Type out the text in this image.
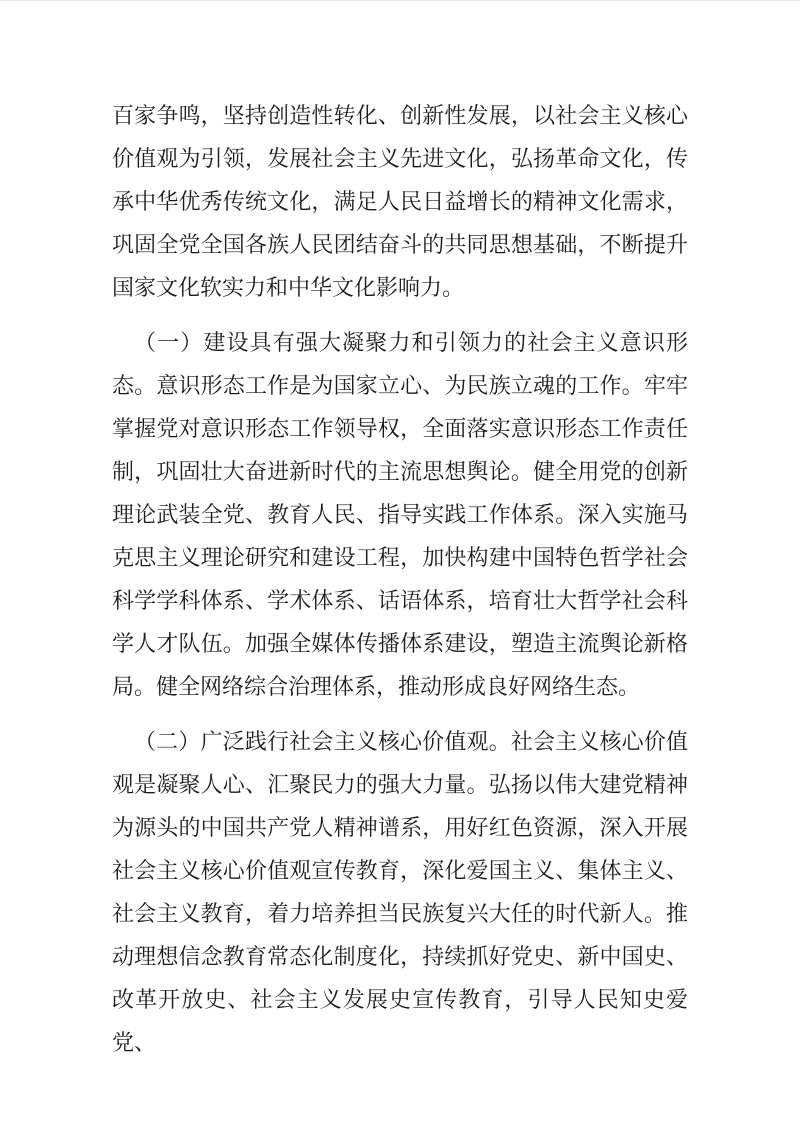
百家争鸣，坚持创造性转化、创新性发展，以社会主义核心价值观为引领，发展社会主义先进文化，弘扬革命文化，传承中华优秀传统文化，满足人民日益增长的精神文化需求，巩固全党全国各族人民团结奋斗的共同思想基础，不断提升国家文化软实力和中华文化影响力。

（一）建设具有强大凝聚力和引领力的社会主义意识形态。意识形态工作是为国家立心、为民族立魂的工作。牢牢掌握党对意识形态工作领导权，全面落实意识形态工作责任制，巩固壮大奋进新时代的主流思想舆论。健全用党的创新理论武装全党、教育人民、指导实践工作体系。深入实施马克思主义理论研究和建设工程，加快构建中国特色哲学社会科学学科体系、学术体系、话语体系，培育壮大哲学社会科学人才队伍。加强全媒体传播体系建设，塑造主流舆论新格局。健全网络综合治理体系，推动形成良好网络生态。

（二）广泛践行社会主义核心价值观。社会主义核心价值观是凝聚人心、汇聚民力的强大力量。弘扬以伟大建党精神为源头的中国共产党人精神谱系，用好红色资源，深入开展社会主义核心价值观宣传教育，深化爱国主义、集体主义、社会主义教育，着力培养担当民族复兴大任的时代新人。推动理想信念教育常态化制度化，持续抓好党史、新中国史、改革开放史、社会主义发展史宣传教育，引导人民知史爱党、
